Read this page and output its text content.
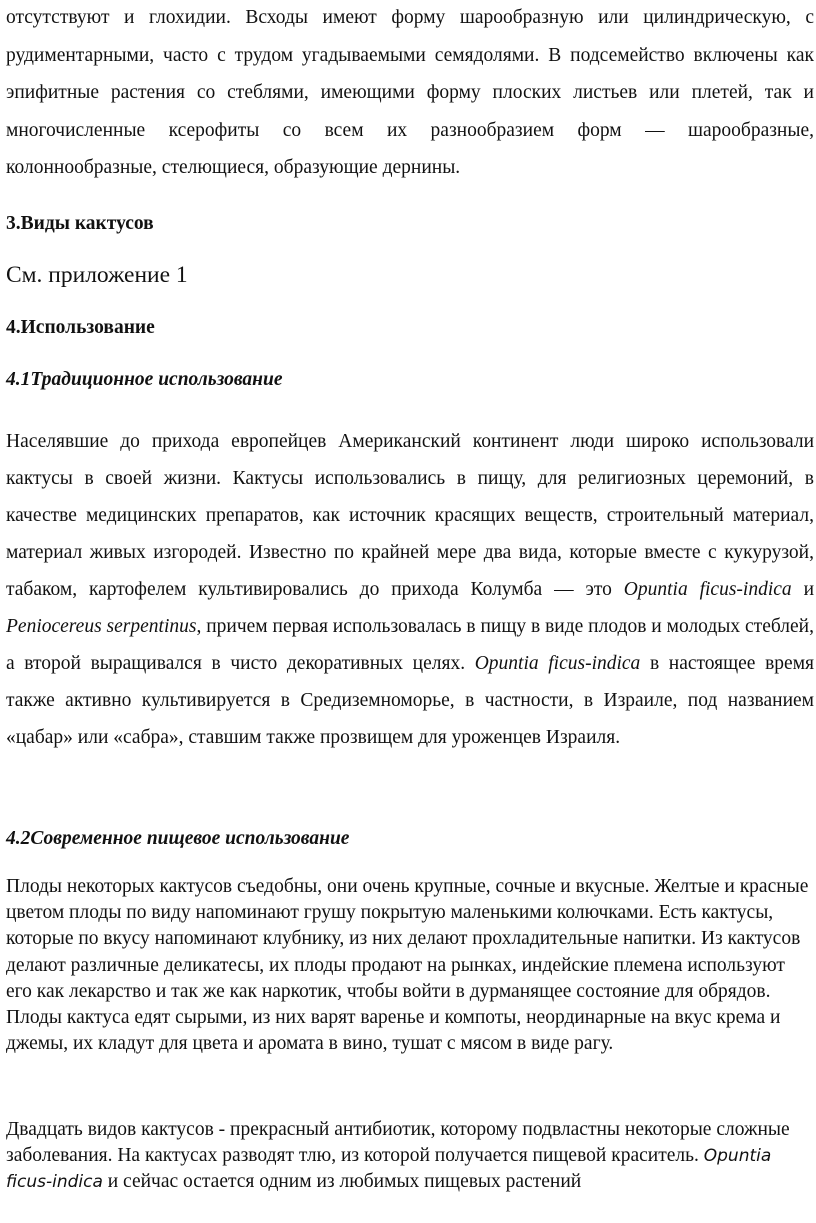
отсутствуют и глохидии. Всходы имеют форму шарообразную или цилиндрическую, с рудиментарными, часто с трудом угадываемыми семядолями. В подсемейство включены как эпифитные растения со стеблями, имеющими форму плоских листьев или плетей, так и многочисленные ксерофиты со всем их разнообразием форм — шарообразные, колоннообразные, стелющиеся, образующие дернины.
3.Виды кактусов
См. приложение 1
4.Использование
4.1Традиционное использование
Населявшие до прихода европейцев Американский континент люди широко использовали кактусы в своей жизни. Кактусы использовались в пищу, для религиозных церемоний, в качестве медицинских препаратов, как источник красящих веществ, строительный материал, материал живых изгородей. Известно по крайней мере два вида, которые вместе с кукурузой, табаком, картофелем культивировались до прихода Колумба — это Opuntia ficus-indica и Peniocereus serpentinus, причем первая использовалась в пищу в виде плодов и молодых стеблей, а второй выращивался в чисто декоративных целях. Opuntia ficus-indica в настоящее время также активно культивируется в Средиземноморье, в частности, в Израиле, под названием «цабар» или «сабра», ставшим также прозвищем для уроженцев Израиля.
4.2Современное пищевое использование
Плоды некоторых кактусов съедобны, они очень крупные, сочные и вкусные. Желтые и красные цветом плоды по виду напоминают грушу покрытую маленькими колючками. Есть кактусы, которые по вкусу напоминают клубнику, из них делают прохладительные напитки. Из кактусов делают различные деликатесы, их плоды продают на рынках, индейские племена используют его как лекарство и так же как наркотик, чтобы войти в дурманящее состояние для обрядов. Плоды кактуса едят сырыми, из них варят варенье и компоты, неординарные на вкус крема и джемы, их кладут для цвета и аромата в вино, тушат с мясом в виде рагу.
Двадцать видов кактусов - прекрасный антибиотик, которому подвластны некоторые сложные заболевания. На кактусах разводят тлю, из которой получается пищевой краситель. Opuntia ficus-indica и сейчас остается одним из любимых пищевых растений
